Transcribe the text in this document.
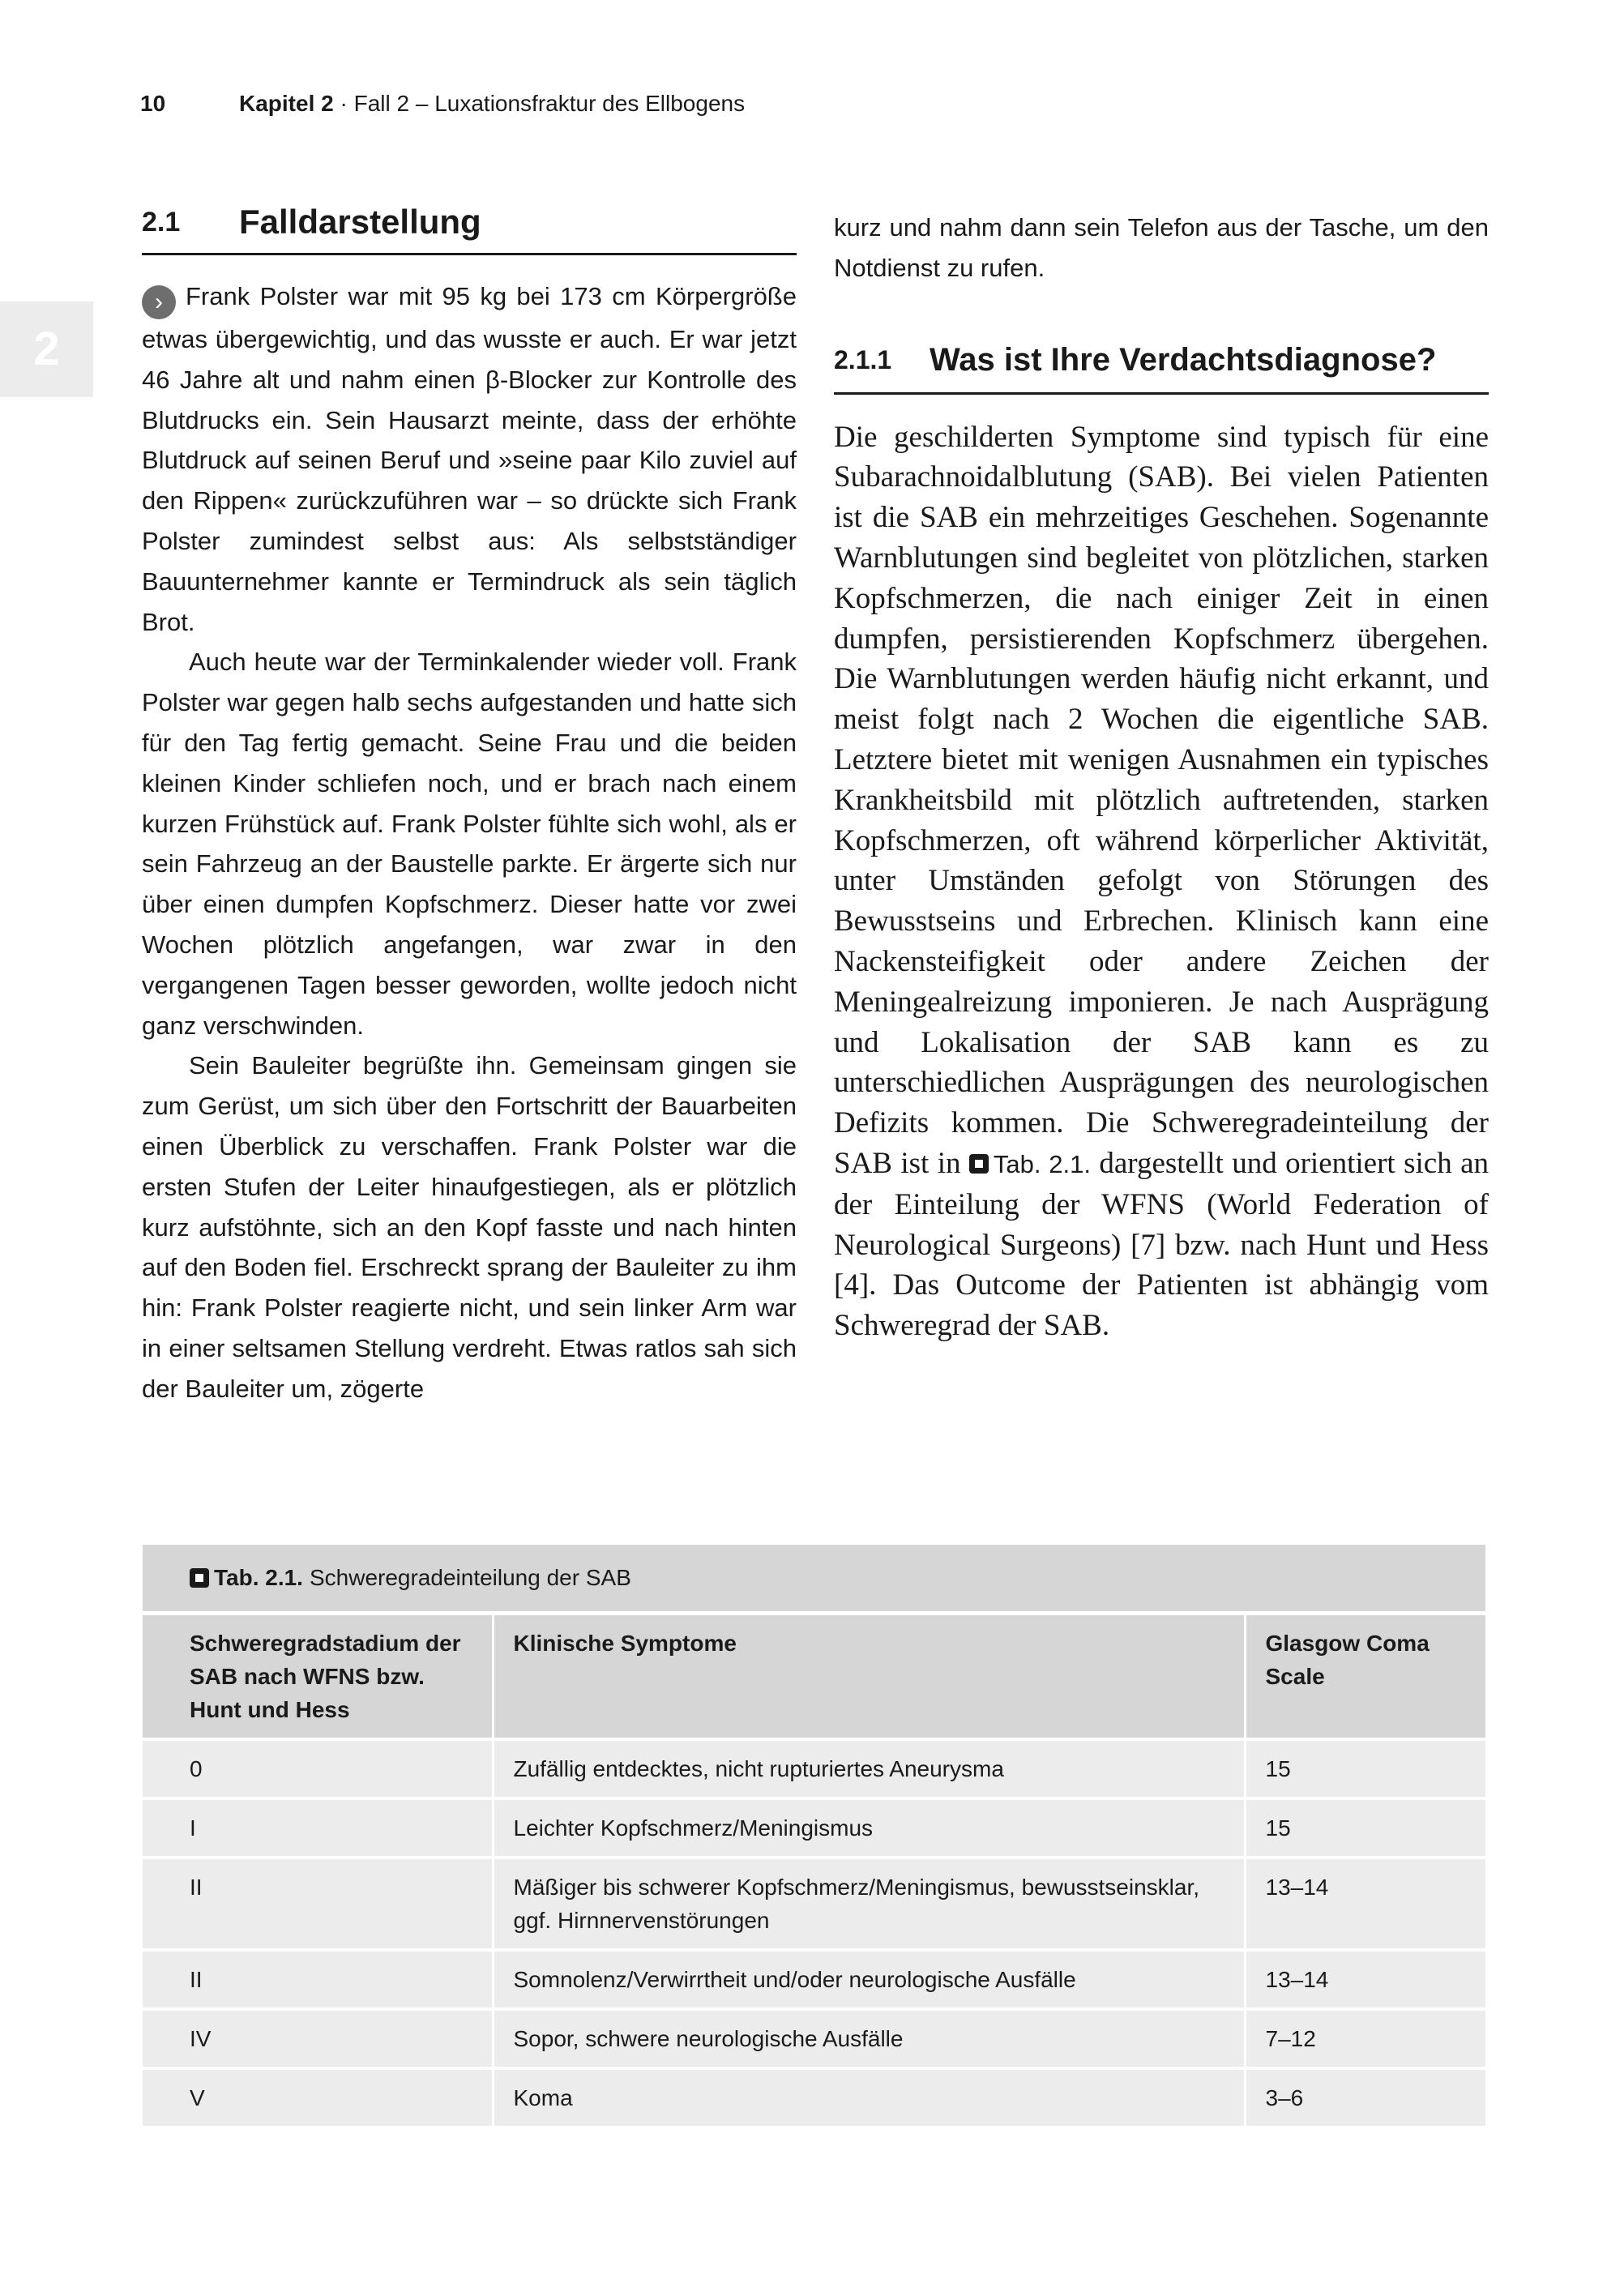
10	Kapitel 2 · Fall 2 – Luxationsfraktur des Ellbogens
2
2.1	Falldarstellung

› Frank Polster war mit 95 kg bei 173 cm Körpergröße etwas übergewichtig, und das wusste er auch. Er war jetzt 46 Jahre alt und nahm einen β-Blocker zur Kontrolle des Blutdrucks ein. Sein Hausarzt meinte, dass der erhöhte Blutdruck auf seinen Beruf und »seine paar Kilo zuviel auf den Rippen« zurückzuführen war – so drückte sich Frank Polster zumindest selbst aus: Als selbstständiger Bauunternehmer kannte er Termindruck als sein täglich Brot.

Auch heute war der Terminkalender wieder voll. Frank Polster war gegen halb sechs aufgestanden und hatte sich für den Tag fertig gemacht. Seine Frau und die beiden kleinen Kinder schliefen noch, und er brach nach einem kurzen Frühstück auf. Frank Polster fühlte sich wohl, als er sein Fahrzeug an der Baustelle parkte. Er ärgerte sich nur über einen dumpfen Kopfschmerz. Dieser hatte vor zwei Wochen plötzlich angefangen, war zwar in den vergangenen Tagen besser geworden, wollte jedoch nicht ganz verschwinden.

Sein Bauleiter begrüßte ihn. Gemeinsam gingen sie zum Gerüst, um sich über den Fortschritt der Bauarbeiten einen Überblick zu verschaffen. Frank Polster war die ersten Stufen der Leiter hinaufgestiegen, als er plötzlich kurz aufstöhnte, sich an den Kopf fasste und nach hinten auf den Boden fiel. Erschreckt sprang der Bauleiter zu ihm hin: Frank Polster reagierte nicht, und sein linker Arm war in einer seltsamen Stellung verdreht. Etwas ratlos sah sich der Bauleiter um, zögerte

kurz und nahm dann sein Telefon aus der Tasche, um den Notdienst zu rufen.

2.1.1	Was ist Ihre Verdachtsdiagnose?

Die geschilderten Symptome sind typisch für eine Subarachnoidalblutung (SAB). Bei vielen Patienten ist die SAB ein mehrzeitiges Geschehen. Sogenannte Warnblutungen sind begleitet von plötzlichen, starken Kopfschmerzen, die nach einiger Zeit in einen dumpfen, persistierenden Kopfschmerz übergehen. Die Warnblutungen werden häufig nicht erkannt, und meist folgt nach 2 Wochen die eigentliche SAB. Letztere bietet mit wenigen Ausnahmen ein typisches Krankheitsbild mit plötzlich auftretenden, starken Kopfschmerzen, oft während körperlicher Aktivität, unter Umständen gefolgt von Störungen des Bewusstseins und Erbrechen. Klinisch kann eine Nackensteifigkeit oder andere Zeichen der Meningealreizung imponieren. Je nach Ausprägung und Lokalisation der SAB kann es zu unterschiedlichen Ausprägungen des neurologischen Defizits kommen. Die Schweregradeinteilung der SAB ist in Tab. 2.1. dargestellt und orientiert sich an der Einteilung der WFNS (World Federation of Neurological Surgeons) [7] bzw. nach Hunt und Hess [4]. Das Outcome der Patienten ist abhängig vom Schweregrad der SAB.

Tab. 2.1. Schweregradeinteilung der SAB
Schweregradstadium der SAB nach WFNS bzw. Hunt und Hess	Klinische Symptome	Glasgow Coma Scale
0	Zufällig entdecktes, nicht rupturiertes Aneurysma	15
I	Leichter Kopfschmerz/Meningismus	15
II	Mäßiger bis schwerer Kopfschmerz/Meningismus, bewusstseinsklar, ggf. Hirnnervenstörungen	13–14
II	Somnolenz/Verwirrtheit und/oder neurologische Ausfälle	13–14
IV	Sopor, schwere neurologische Ausfälle	7–12
V	Koma	3–6
